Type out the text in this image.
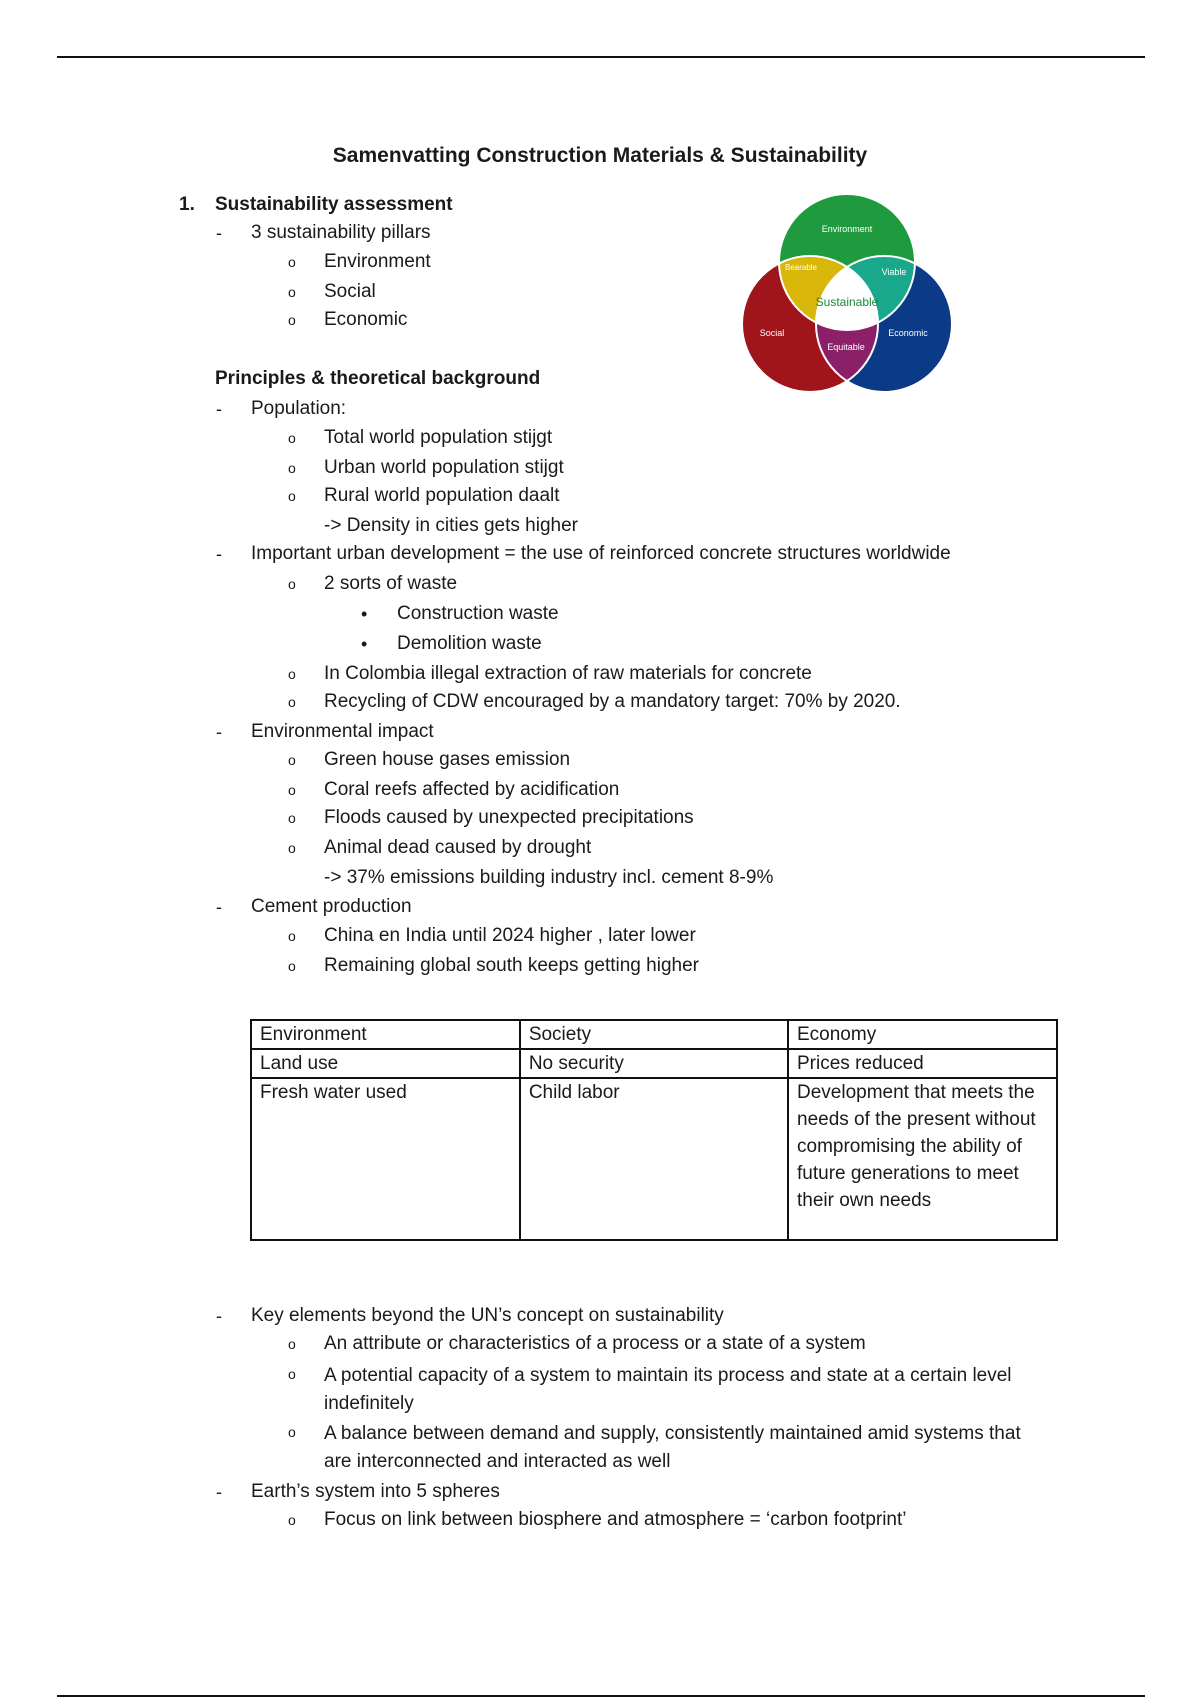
Samenvatting Construction Materials & Sustainability
1. Sustainability assessment
- 3 sustainability pillars
o Environment
o Social
o Economic
Environment
Bearable	Viable
Sustainable
Social	Economic
Equitable
Principles & theoretical background
- Population:
o Total world population stijgt
o Urban world population stijgt
o Rural world population daalt
-> Density in cities gets higher
- Important urban development = the use of reinforced concrete structures worldwide
o 2 sorts of waste
• Construction waste
• Demolition waste
o In Colombia illegal extraction of raw materials for concrete
o Recycling of CDW encouraged by a mandatory target: 70% by 2020.
- Environmental impact
o Green house gases emission
o Coral reefs affected by acidification
o Floods caused by unexpected precipitations
o Animal dead caused by drought
-> 37% emissions building industry incl. cement 8-9%
- Cement production
o China en India until 2024 higher , later lower
o Remaining global south keeps getting higher
Environment	Society	Economy
Land use	No security	Prices reduced
Fresh water used	Child labor	Development that meets the needs of the present without compromising the ability of future generations to meet their own needs
- Key elements beyond the UN’s concept on sustainability
o An attribute or characteristics of a process or a state of a system
o A potential capacity of a system to maintain its process and state at a certain level indefinitely
o A balance between demand and supply, consistently maintained amid systems that are interconnected and interacted as well
- Earth’s system into 5 spheres
o Focus on link between biosphere and atmosphere = ‘carbon footprint’
